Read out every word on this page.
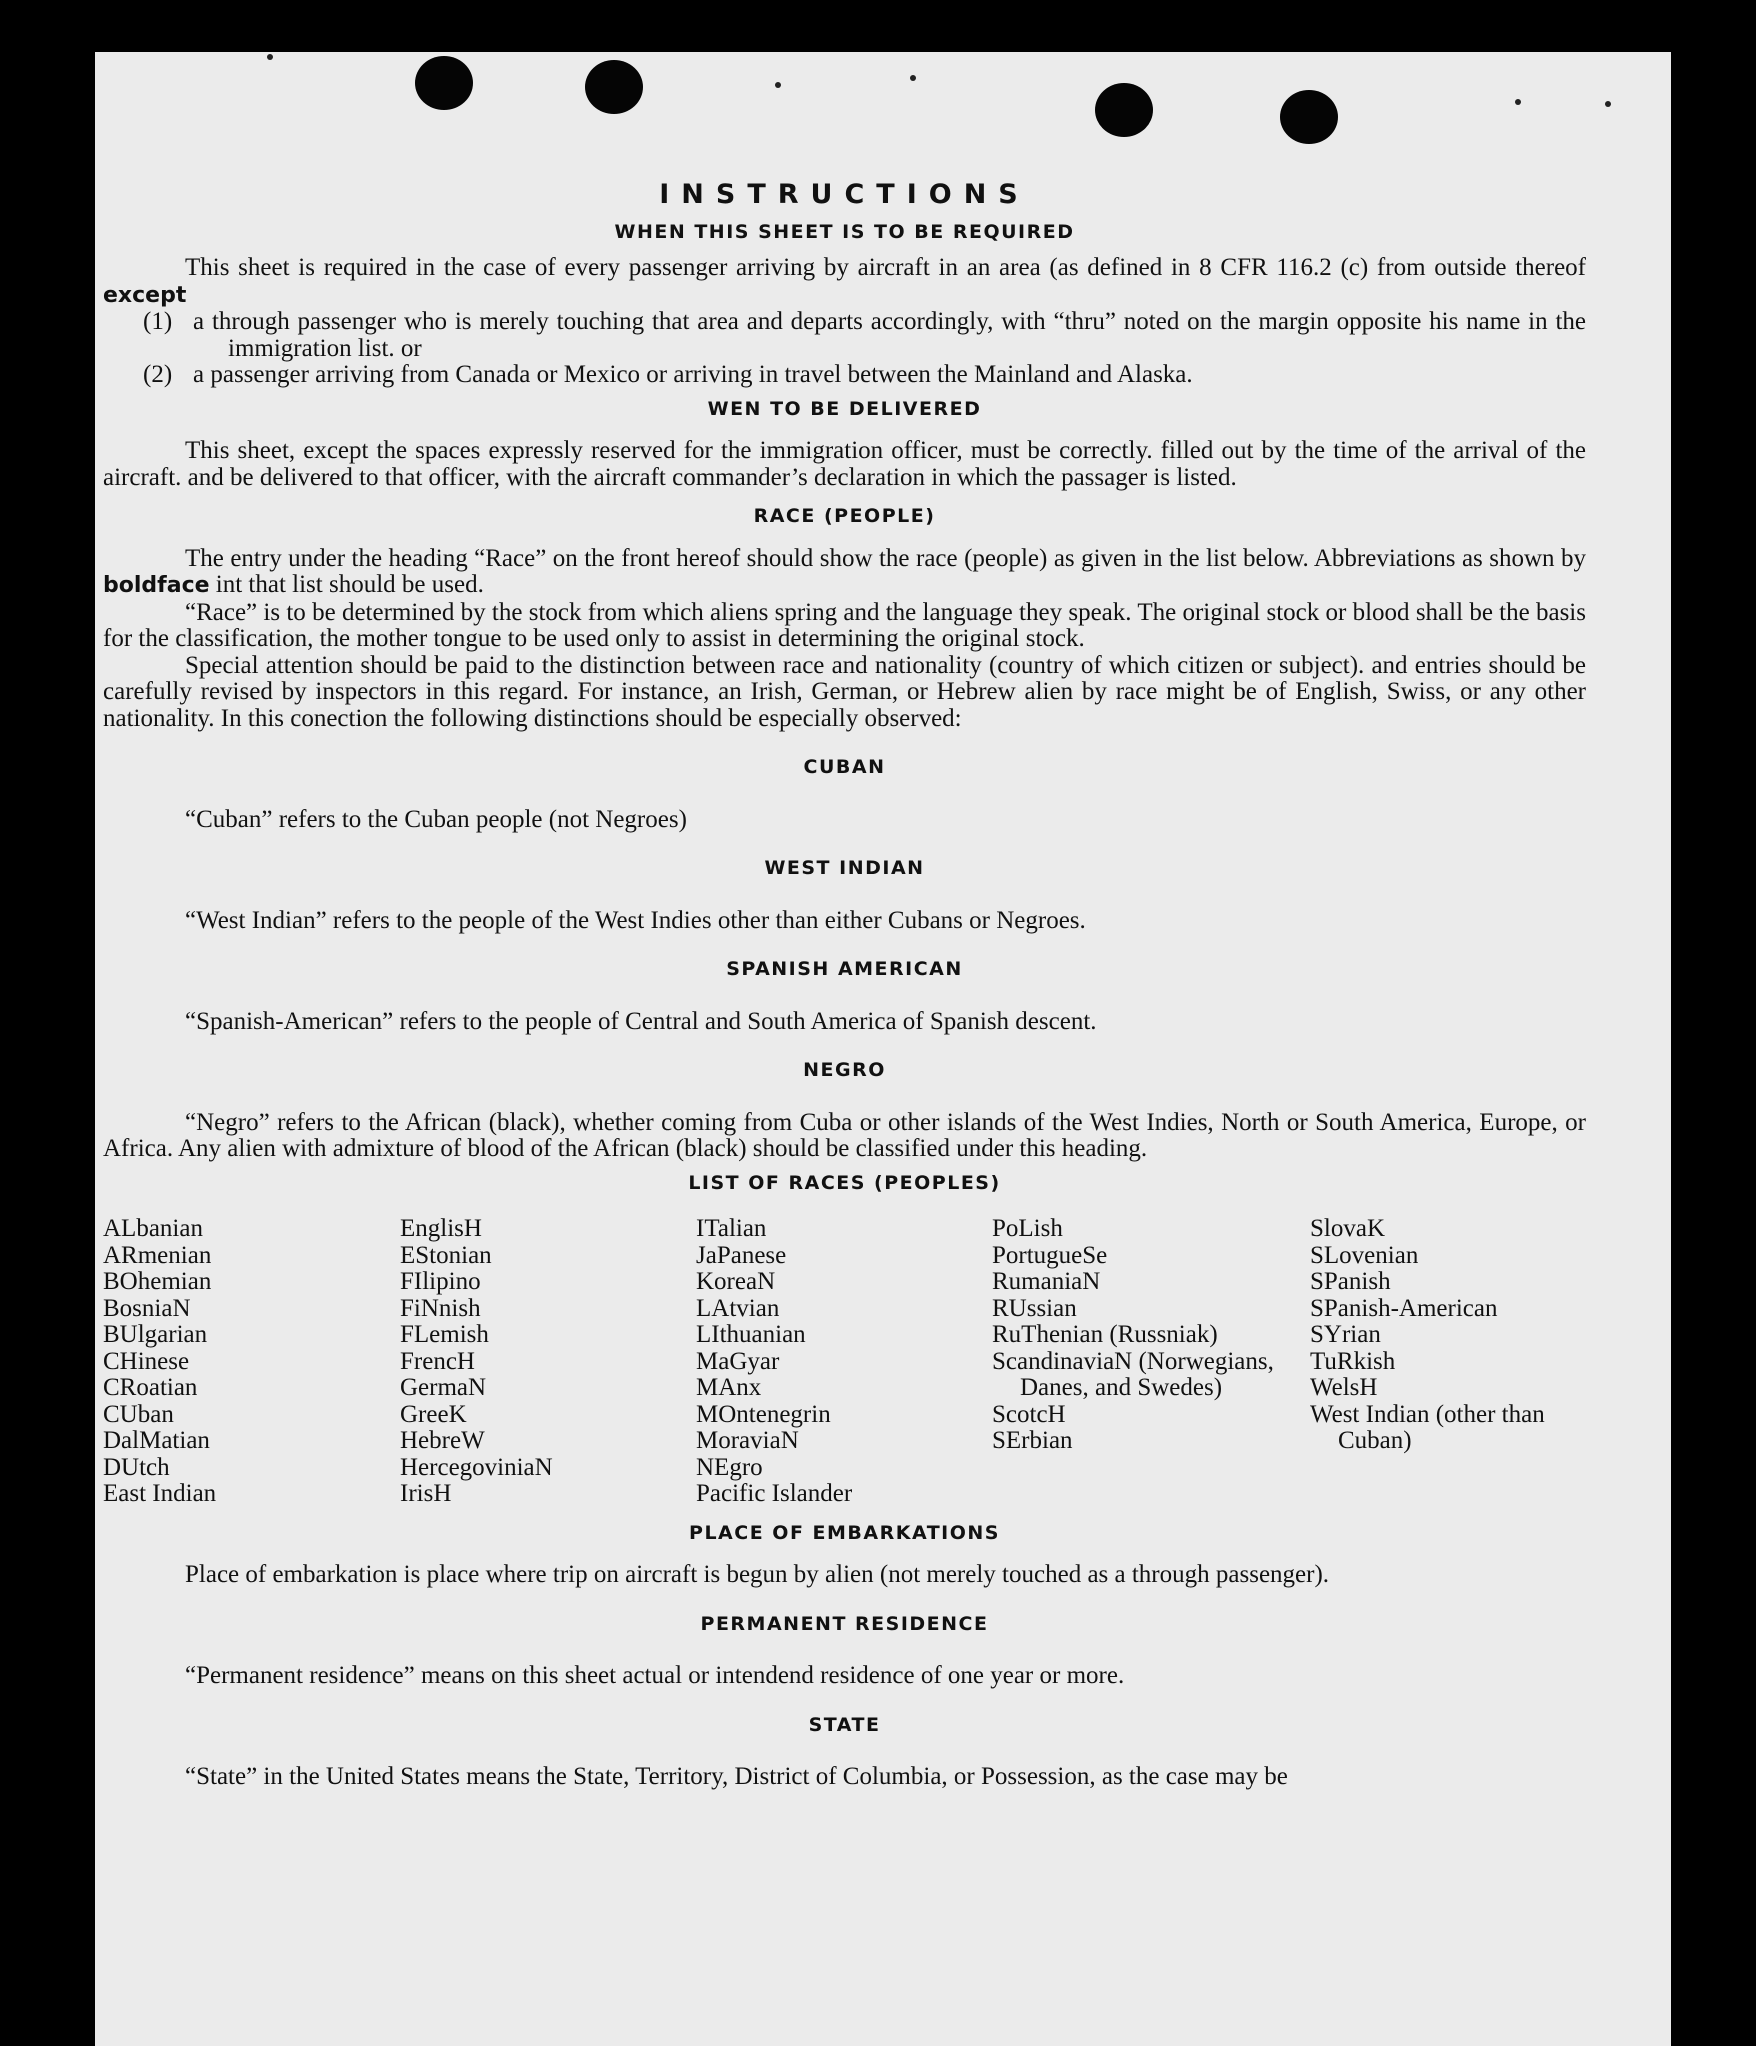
INSTRUCTIONS
WHEN THIS SHEET IS TO BE REQUIRED

This sheet is required in the case of every passenger arriving by aircraft in an area (as defined in 8 CFR 116.2 (c) from outside thereof except

(1) a through passenger who is merely touching that area and departs accordingly, with “thru” noted on the margin opposite his name in the immigration list. or

(2) a passenger arriving from Canada or Mexico or arriving in travel between the Mainland and Alaska.

WEN TO BE DELIVERED

This sheet, except the spaces expressly reserved for the immigration officer, must be correctly. filled out by the time of the arrival of the aircraft. and be delivered to that officer, with the aircraft commander’s declaration in which the passager is listed.

RACE (PEOPLE)

The entry under the heading “Race” on the front hereof should show the race (people) as given in the list below. Abbreviations as shown by boldface int that list should be used.

“Race” is to be determined by the stock from which aliens spring and the language they speak. The original stock or blood shall be the basis for the classification, the mother tongue to be used only to assist in determining the original stock.

Special attention should be paid to the distinction between race and nationality (country of which citizen or subject). and entries should be carefully revised by inspectors in this regard. For instance, an Irish, German, or Hebrew alien by race might be of English, Swiss, or any other nationality. In this conection the following distinctions should be especially observed:

CUBAN

“Cuban” refers to the Cuban people (not Negroes)

WEST INDIAN

“West Indian” refers to the people of the West Indies other than either Cubans or Negroes.

SPANISH AMERICAN

“Spanish-American” refers to the people of Central and South America of Spanish descent.

NEGRO

“Negro” refers to the African (black), whether coming from Cuba or other islands of the West Indies, North or South America, Europe, or Africa. Any alien with admixture of blood of the African (black) should be classified under this heading.

LIST OF RACES (PEOPLES)
ALbanian
ARmenian
BOhemian
BosniaN
BUlgarian
CHinese
CRoatian
CUban
DalMatian
DUtch
East Indian
EnglisH
EStonian
FIlipino
FiNnish
FLemish
FrencH
GermaN
GreeK
HebreW
HercegoviniaN
IrisH
ITalian
JaPanese
KoreaN
LAtvian
LIthuanian
MaGyar
MAnx
MOntenegrin
MoraviaN
NEgro
Pacific Islander
PoLish
PortugueSe
RumaniaN
RUssian
RuThenian (Russniak)
ScandinaviaN (Norwegians, Danes, and Swedes)
ScotcH
SErbian
SlovaK
SLovenian
SPanish
SPanish-American
SYrian
TuRkish
WelsH
West Indian (other than Cuban)
PLACE OF EMBARKATIONS

Place of embarkation is place where trip on aircraft is begun by alien (not merely touched as a through passenger).

PERMANENT RESIDENCE

“Permanent residence” means on this sheet actual or intendend residence of one year or more.

STATE

“State” in the United States means the State, Territory, District of Columbia, or Possession, as the case may be
